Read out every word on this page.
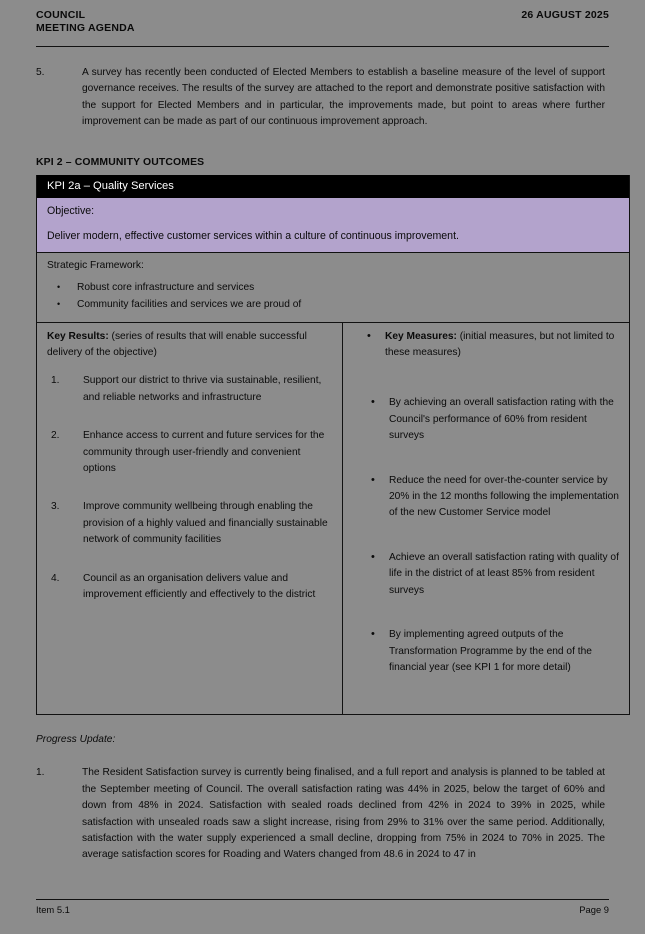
COUNCIL
MEETING AGENDA
26 AUGUST 2025
5.	A survey has recently been conducted of Elected Members to establish a baseline measure of the level of support governance receives. The results of the survey are attached to the report and demonstrate positive satisfaction with the support for Elected Members and in particular, the improvements made, but point to areas where further improvement can be made as part of our continuous improvement approach.
KPI 2 – COMMUNITY OUTCOMES
KPI 2a – Quality Services
Objective:
Deliver modern, effective customer services within a culture of continuous improvement.
Strategic Framework:
• Robust core infrastructure and services
• Community facilities and services we are proud of
Key Results: (series of results that will enable successful delivery of the objective)
Support our district to thrive via sustainable, resilient, and reliable networks and infrastructure
Enhance access to current and future services for the community through user-friendly and convenient options
Improve community wellbeing through enabling the provision of a highly valued and financially sustainable network of community facilities
Council as an organisation delivers value and improvement efficiently and effectively to the district
• Key Measures: (initial measures, but not limited to these measures)
• By achieving an overall satisfaction rating with the Council's performance of 60% from resident surveys
• Reduce the need for over-the-counter service by 20% in the 12 months following the implementation of the new Customer Service model
• Achieve an overall satisfaction rating with quality of life in the district of at least 85% from resident surveys
• By implementing agreed outputs of the Transformation Programme by the end of the financial year (see KPI 1 for more detail)
Progress Update:
1.	The Resident Satisfaction survey is currently being finalised, and a full report and analysis is planned to be tabled at the September meeting of Council. The overall satisfaction rating was 44% in 2025, below the target of 60% and down from 48% in 2024. Satisfaction with sealed roads declined from 42% in 2024 to 39% in 2025, while satisfaction with unsealed roads saw a slight increase, rising from 29% to 31% over the same period. Additionally, satisfaction with the water supply experienced a small decline, dropping from 75% in 2024 to 70% in 2025. The average satisfaction scores for Roading and Waters changed from 48.6 in 2024 to 47 in
Item 5.1	Page 9
